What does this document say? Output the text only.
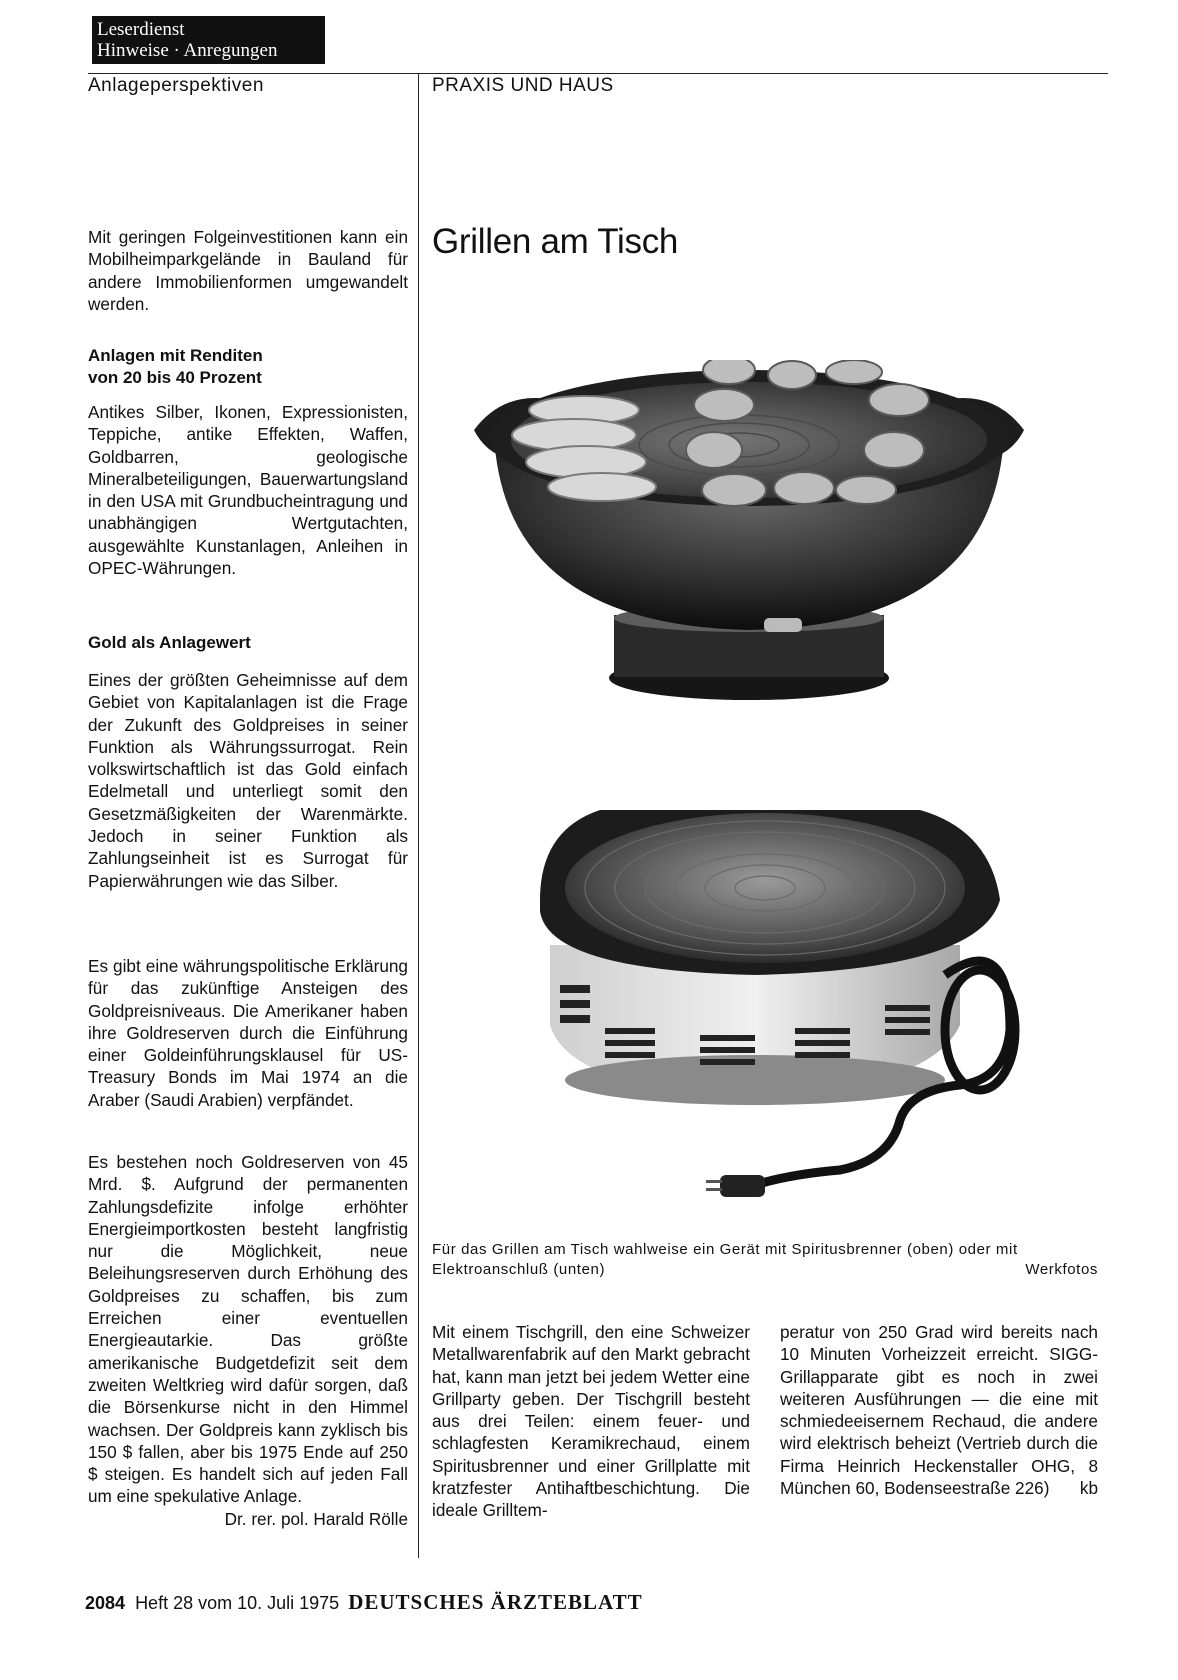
Leserdienst
Hinweise · Anregungen
Anlageperspektiven	PRAXIS UND HAUS

Mit geringen Folgeinvestitionen kann ein Mobilheimparkgelände in Bauland für andere Immobilienformen umgewandelt werden.

Anlagen mit Renditen
von 20 bis 40 Prozent

Antikes Silber, Ikonen, Expressionisten, Teppiche, antike Effekten, Waffen, Goldbarren, geologische Mineralbeteiligungen, Bauerwartungsland in den USA mit Grundbucheintragung und unabhängigen Wertgutachten, ausgewählte Kunstanlagen, Anleihen in OPEC-Währungen.

Gold als Anlagewert

Eines der größten Geheimnisse auf dem Gebiet von Kapitalanlagen ist die Frage der Zukunft des Goldpreises in seiner Funktion als Währungssurrogat. Rein volkswirtschaftlich ist das Gold einfach Edelmetall und unterliegt somit den Gesetzmäßigkeiten der Warenmärkte. Jedoch in seiner Funktion als Zahlungseinheit ist es Surrogat für Papierwährungen wie das Silber.

Es gibt eine währungspolitische Erklärung für das zukünftige Ansteigen des Goldpreisniveaus. Die Amerikaner haben ihre Goldreserven durch die Einführung einer Goldeinführungsklausel für US-Treasury Bonds im Mai 1974 an die Araber (Saudi Arabien) verpfändet.

Es bestehen noch Goldreserven von 45 Mrd. $. Aufgrund der permanenten Zahlungsdefizite infolge erhöhter Energieimportkosten besteht langfristig nur die Möglichkeit, neue Beleihungsreserven durch Erhöhung des Goldpreises zu schaffen, bis zum Erreichen einer eventuellen Energieautarkie. Das größte amerikanische Budgetdefizit seit dem zweiten Weltkrieg wird dafür sorgen, daß die Börsenkurse nicht in den Himmel wachsen. Der Goldpreis kann zyklisch bis 150 $ fallen, aber bis 1975 Ende auf 250 $ steigen. Es handelt sich auf jeden Fall um eine spekulative Anlage.
Dr. rer. pol. Harald Rölle

Grillen am Tisch
Für das Grillen am Tisch wahlweise ein Gerät mit Spiritusbrenner (oben) oder mit Elektroanschluß (unten)	Werkfotos

Mit einem Tischgrill, den eine Schweizer Metallwarenfabrik auf den Markt gebracht hat, kann man jetzt bei jedem Wetter eine Grillparty geben. Der Tischgrill besteht aus drei Teilen: einem feuer- und schlagfesten Keramikrechaud, einem Spiritusbrenner und einer Grillplatte mit kratzfester Antihaftbeschichtung. Die ideale Grilltem-

peratur von 250 Grad wird bereits nach 10 Minuten Vorheizzeit erreicht. SIGG-Grillapparate gibt es noch in zwei weiteren Ausführungen — die eine mit schmiedeeisernem Rechaud, die andere wird elektrisch beheizt (Vertrieb durch die Firma Heinrich Heckenstaller OHG, 8 München 60, Bodenseestraße 226) kb

2084 Heft 28 vom 10. Juli 1975 DEUTSCHES ÄRZTEBLATT
